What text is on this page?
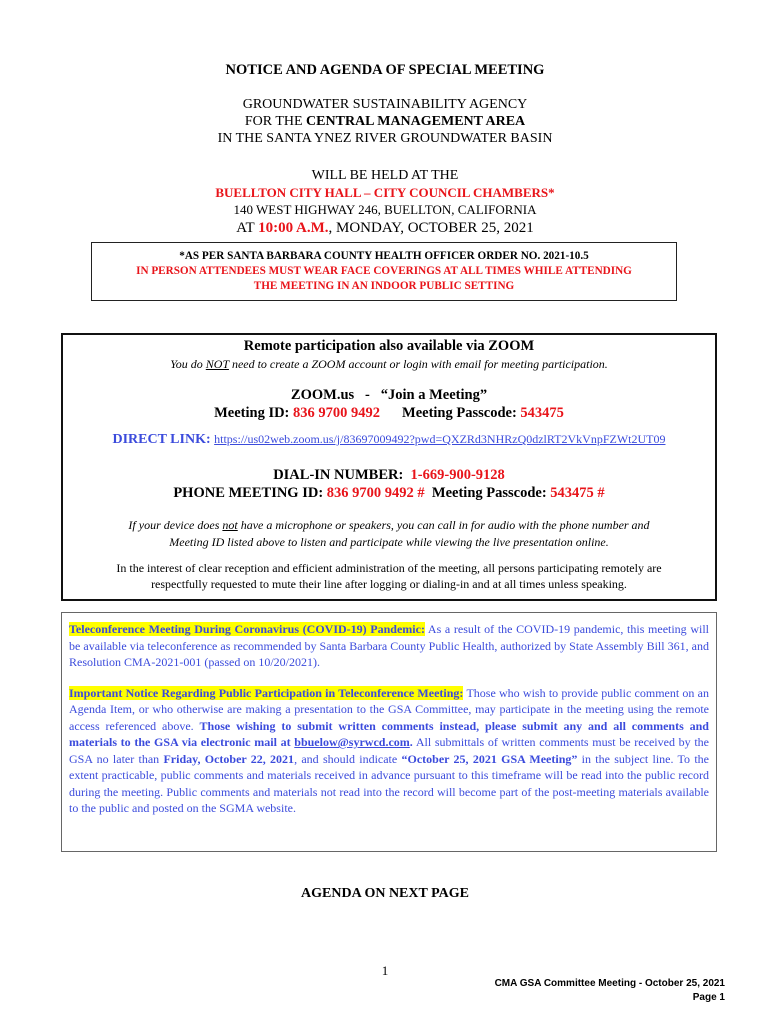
NOTICE AND AGENDA OF SPECIAL MEETING
GROUNDWATER SUSTAINABILITY AGENCY
FOR THE CENTRAL MANAGEMENT AREA
IN THE SANTA YNEZ RIVER GROUNDWATER BASIN
WILL BE HELD AT THE
BUELLTON CITY HALL – CITY COUNCIL CHAMBERS*
140 WEST HIGHWAY 246, BUELLTON, CALIFORNIA
AT 10:00 A.M., MONDAY, OCTOBER 25, 2021
*AS PER SANTA BARBARA COUNTY HEALTH OFFICER ORDER NO. 2021-10.5
IN PERSON ATTENDEES MUST WEAR FACE COVERINGS AT ALL TIMES WHILE ATTENDING
THE MEETING IN AN INDOOR PUBLIC SETTING
Remote participation also available via ZOOM
You do NOT need to create a ZOOM account or login with email for meeting participation.
ZOOM.us   -   “Join a Meeting”
Meeting ID: 836 9700 9492 Meeting Passcode: 543475
DIRECT LINK: https://us02web.zoom.us/j/83697009492?pwd=QXZRd3NHRzQ0dzlRT2VkVnpFZWt2UT09
DIAL-IN NUMBER:  1-669-900-9128
PHONE MEETING ID: 836 9700 9492 #  Meeting Passcode: 543475 #
If your device does not have a microphone or speakers, you can call in for audio with the phone number and
Meeting ID listed above to listen and participate while viewing the live presentation online.
In the interest of clear reception and efficient administration of the meeting, all persons participating remotely are
respectfully requested to mute their line after logging or dialing-in and at all times unless speaking.

Teleconference Meeting During Coronavirus (COVID-19) Pandemic: As a result of the COVID-19 pandemic, this meeting will be available via teleconference as recommended by Santa Barbara County Public Health, authorized by State Assembly Bill 361, and Resolution CMA-2021-001 (passed on 10/20/2021).

Important Notice Regarding Public Participation in Teleconference Meeting: Those who wish to provide public comment on an Agenda Item, or who otherwise are making a presentation to the GSA Committee, may participate in the meeting using the remote access referenced above. Those wishing to submit written comments instead, please submit any and all comments and materials to the GSA via electronic mail at bbuelow@syrwcd.com. All submittals of written comments must be received by the GSA no later than Friday, October 22, 2021, and should indicate “October 25, 2021 GSA Meeting” in the subject line. To the extent practicable, public comments and materials received in advance pursuant to this timeframe will be read into the public record during the meeting. Public comments and materials not read into the record will become part of the post-meeting materials available to the public and posted on the SGMA website.

AGENDA ON NEXT PAGE
1
CMA GSA Committee Meeting - October 25, 2021
Page 1
